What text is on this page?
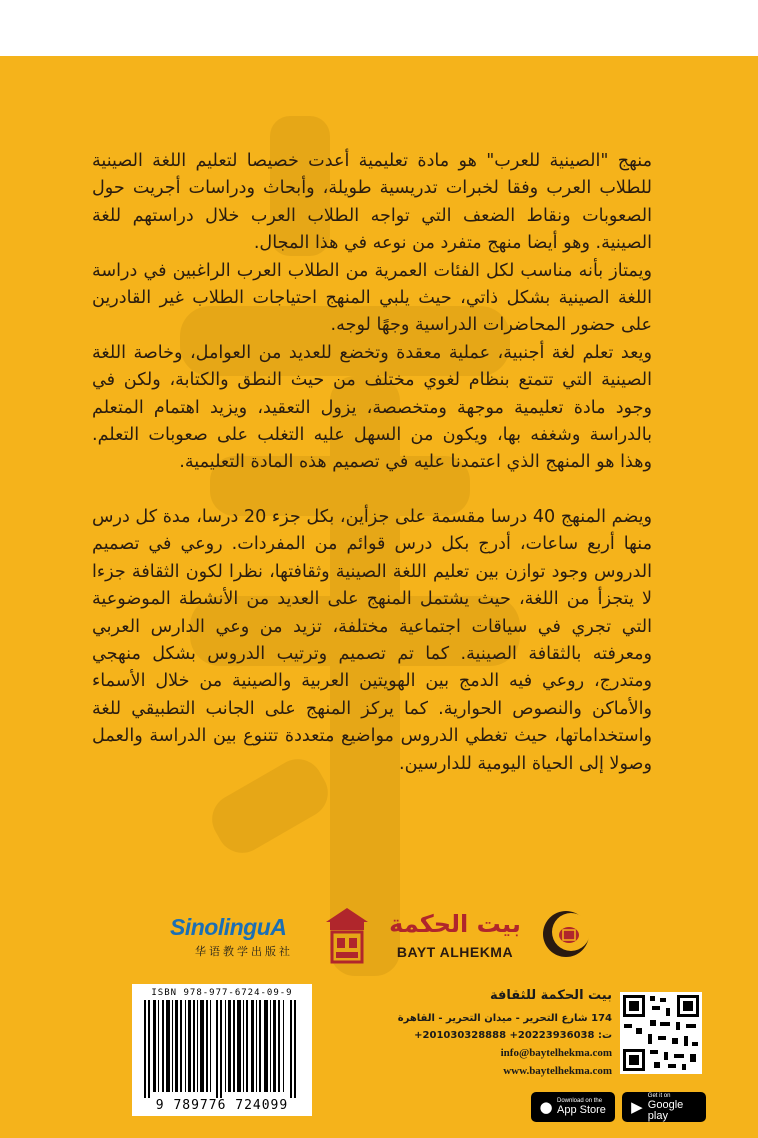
منهج "الصينية للعرب" هو مادة تعليمية أعدت خصيصا لتعليم اللغة الصينية للطلاب العرب وفقا لخبرات تدريسية طويلة، وأبحاث ودراسات أجريت حول الصعوبات ونقاط الضعف التي تواجه الطلاب العرب خلال دراستهم للغة الصينية. وهو أيضا منهج متفرد من نوعه في هذا المجال.

ويمتاز بأنه مناسب لكل الفئات العمرية من الطلاب العرب الراغبين في دراسة اللغة الصينية بشكل ذاتي، حيث يلبي المنهج احتياجات الطلاب غير القادرين على حضور المحاضرات الدراسية وجهًا لوجه.

ويعد تعلم لغة أجنبية، عملية معقدة وتخضع للعديد من العوامل، وخاصة اللغة الصينية التي تتمتع بنظام لغوي مختلف من حيث النطق والكتابة، ولكن في وجود مادة تعليمية موجهة ومتخصصة، يزول التعقيد، ويزيد اهتمام المتعلم بالدراسة وشغفه بها، ويكون من السهل عليه التغلب على صعوبات التعلم. وهذا هو المنهج الذي اعتمدنا عليه في تصميم هذه المادة التعليمية.

ويضم المنهج 40 درسا مقسمة على جزأين، بكل جزء 20 درسا، مدة كل درس منها أربع ساعات، أدرج بكل درس قوائم من المفردات. روعي في تصميم الدروس وجود توازن بين تعليم اللغة الصينية وثقافتها، نظرا لكون الثقافة جزءا لا يتجزأ من اللغة، حيث يشتمل المنهج على العديد من الأنشطة الموضوعية التي تجري في سياقات اجتماعية مختلفة، تزيد من وعي الدارس العربي ومعرفته بالثقافة الصينية. كما تم تصميم وترتيب الدروس بشكل منهجي ومتدرج، روعي فيه الدمج بين الهويتين العربية والصينية من خلال الأسماء والأماكن والنصوص الحوارية. كما يركز المنهج على الجانب التطبيقي للغة واستخداماتها، حيث تغطي الدروس مواضيع متعددة تتنوع بين الدراسة والعمل وصولا إلى الحياة اليومية للدارسين.

SinolinguA
华语教学出版社
بيت الحكمة
BAYT ALHEKMA
ISBN 978-977-6724-09-9
9 789776 724099
بيت الحكمة للثقافة
174 شارع التحرير - ميدان التحرير - القاهرة
ت: 20223936038+ 201030328888+
info@baytelhekma.com
www.baytelhekma.com
● Download on the
App Store	▶
Get it on
Google play
